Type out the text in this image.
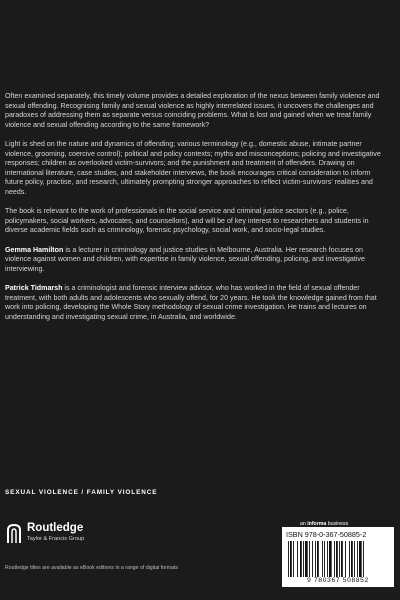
Often examined separately, this timely volume provides a detailed exploration of the nexus between family violence and sexual offending. Recognising family and sexual violence as highly interrelated issues, it uncovers the challenges and paradoxes of addressing them as separate versus coinciding problems. What is lost and gained when we treat family violence and sexual offending according to the same framework?

Light is shed on the nature and dynamics of offending; various terminology (e.g., domestic abuse, intimate partner violence, grooming, coercive control); political and policy contexts; myths and misconceptions; policing and investigative responses; children as overlooked victim-survivors; and the punishment and treatment of offenders. Drawing on international literature, case studies, and stakeholder interviews, the book encourages critical consideration to inform future policy, practise, and research, ultimately prompting stronger approaches to reflect victim-survivors’ realities and needs.

The book is relevant to the work of professionals in the social service and criminal justice sectors (e.g., police, policymakers, social workers, advocates, and counsellors), and will be of key interest to researchers and students in diverse academic fields such as criminology, forensic psychology, social work, and socio-legal studies.

Gemma Hamilton is a lecturer in criminology and justice studies in Melbourne, Australia. Her research focuses on violence against women and children, with expertise in family violence, sexual offending, policing, and investigative interviewing.

Patrick Tidmarsh is a criminologist and forensic interview advisor, who has worked in the field of sexual offender treatment, with both adults and adolescents who sexually offend, for 20 years. He took the knowledge gained from that work into policing, developing the Whole Story methodology of sexual crime investigation. He trains and lectures on understanding and investigating sexual crime, in Australia, and worldwide.

SEXUAL VIOLENCE / FAMILY VIOLENCE
Routledge
Taylor & Francis Group
an informa business
ISBN 978-0-367-50885-2
9 780367 508852
Routledge titles are available as eBook editions in a range of digital formats
